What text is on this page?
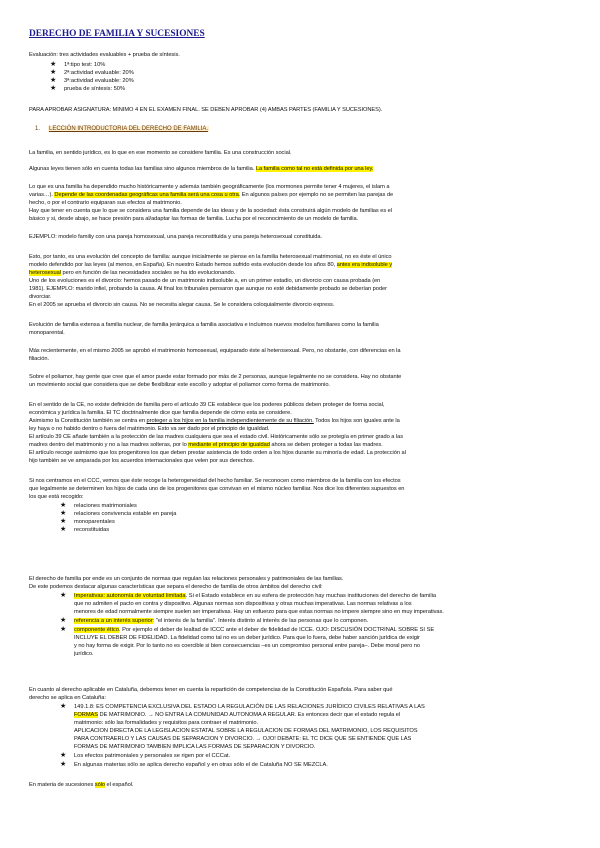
DERECHO DE FAMILIA Y SUCESIONES
Evaluación: tres actividades evaluables + prueba de síntesis.
★ 1ª:tipo test: 10%
★ 2ª:actividad evaluable: 20%
★ 3ª:actividad evaluable: 20%
★ prueba de síntesis: 50%
PARA APROBAR ASIGNATURA: MÍNIMO 4 EN EL EXAMEN FINAL. SE DEBEN APROBAR (4) AMBAS PARTES (FAMILIA Y SUCESIONES).
1. LECCIÓN INTRODUCTORIA DEL DERECHO DE FAMILIA.
La familia, en sentido jurídico, es lo que en ese momento se considere familia. Es una construcción social.
Algunas leyes tienen sólo en cuenta todas las familias sino algunos miembros de la familia. La familia como tal no está definida por una ley.
Lo que es una familia ha dependido mucho históricamente y además también geográficamente (los mormones permite tener 4 mujeres, el islam a
varias…). Depende de las coordenadas geográficas una familia será una cosa u otra. En algunos países por ejemplo no se permiten las parejas de
hecho, o por el contrario equiparan sus efectos al matrimonio.
Hay que tener en cuenta que lo que se considera una familia depende de las ideas y de la sociedad: ésta construirá algún modelo de familias es el
básico y si, desde abajo, se hace presión para al/adaptar las formas de familia. Lucha por el reconocimiento de un modelo de familia.
EJEMPLO: modelo familiy con una pareja homosexual, una pareja reconstituida y una pareja heterosexual constituida.
Esto, por tanto, es una evolución del concepto de familia: aunque inicialmente se piense en la familia heterosexual matrimonial, no es éste el único
modelo defendido por las leyes (al menos, en España). En nuestro Estado hemos sufrido esta evolución desde los años 80, antes era indisoluble y
heterosexual pero en función de las necesidades sociales se ha ido evolucionando.
Uno de los evoluciones es el divorcio: hemos pasado de un matrimonio indisoluble a, en un primer estadio, un divorcio con causa probada (en
1981). EJEMPLO: marido infiel, probando la causa. Al final los tribunales pensaron que aunque no esté debidamente probado se deberían poder
divorciar.
En el 2005 se aprueba el divorcio sin causa. No se necesita alegar causa. Se le considera coloquialmente divorcio express.
Evolución de familia extensa a familia nuclear, de familia jerárquica a familia asociativa e incluimos nuevos modelos familiares como la familia
monoparental.
Más recientemente, en el mismo 2005 se aprobó el matrimonio homosexual, equiparado éste al heterosexual. Pero, no obstante, con diferencias en la
filiación.
Sobre el poliamor, hay gente que cree que el amor puede estar formado por más de 2 personas, aunque legalmente no se considera. Hay no obstante
un movimiento social que considera que se debe flexibilizar este escollo y adoptar el poliamor como forma de matrimonio.
En el sentido de la CE, no existe definición de familia pero el artículo 39 CE establece que los poderes públicos deben proteger de forma social,
económica y jurídica la familia. El TC doctrinalmente dice que familia depende de cómo esta se considere.
Asimismo la Constitución también se centra en proteger a los hijos en la familia independientemente de su filiación. Todos los hijos son iguales ante la
ley haya o no habido dentro o fuera del matrimonio. Esto va ser dado por el principio de igualdad.
El artículo 39 CE añade también a la protección de las madres cualquiera que sea el estado civil. Históricamente sólo se protegía en primer grado a las
madres dentro del matrimonio y no a las madres solteras, por lo mediante el principio de igualdad ahora se deben proteger a todas las madres.
El artículo recoge asimismo que los progenitores los que deben prestar asistencia de todo orden a los hijos durante su minoría de edad. La protección al
hijo también se ve amparada por los acuerdos internacionales que velen por sus derechos.
Si nos centramos en el CCC, vemos que éste recoge la heterogeneidad del hecho familiar. Se reconocen como miembros de la familia con los efectos
que legalmente se determinen los hijos de cada uno de los progenitores que convivan en el mismo núcleo familiar. Nos dice los diferentes supuestos en
los que está recogido:
★ relaciones matrimoniales
★ relaciones convivencia estable en pareja
★ monoparentales
★ reconstituidas
El derecho de familia por ende es un conjunto de normas que regulan las relaciones personales y patrimoniales de las familias.
De este podemos destacar algunas características que separa el derecho de familia de otros ámbitos del derecho civil:
★ Imperativas: autonomía de voluntad limitada. Si el Estado establece en su esfera de protección hay muchas instituciones del derecho de familia
que no admiten el pacto en contra y dispositivo. Algunas normas son dispositivas y otras muchas imperativas. Las normas relativas a los
menores de edad normalmente siempre suelen ser imperativas. Hay un esfuerzo para que estas normas no impere siempre sino en muy imperativas.
★ referencia a un interés superior: "el interés de la familia". Interés distinto al interés de las personas que lo componen.
★ componente ético. Por ejemplo el deber de lealtad de ICCC ante el deber de fidelidad de ICCE. OJO: DISCUSIÓN DOCTRINAL SOBRE SI SE
INCLUYE EL DEBER DE FIDELIDAD. La fidelidad como tal no es un deber jurídico. Para que lo fuera, debe haber sanción jurídica de exigir
y no hay forma de exigir. Por lo tanto no es coercible si bien consecuencias –es un compromiso personal entre pareja–. Debe moral pero no
jurídico.
En cuanto al derecho aplicable en Cataluña, debemos tener en cuenta la repartición de competencias de la Constitución Española. Para saber qué
derecho se aplica en Cataluña:
★ 149.1.8: ES COMPETENCIA EXCLUSIVA DEL ESTADO LA REGULACIÓN DE LAS RELACIONES JURÍDICO CIVILES RELATIVAS A LAS
FORMAS DE MATRIMONIO. → NO ENTRA LA COMUNIDAD AUTÓNOMA A REGULAR. Es entonces decir que el estado regula el
matrimonio: sólo las formalidades y requisitos para contraer el matrimonio.
APLICACIÓN DIRECTA DE LA LEGISLACIÓN ESTATAL SOBRE LA REGULACIÓN DE FORMAS DEL MATRIMONIO, LOS REQUISITOS
PARA CONTRAERLO Y LAS CAUSAS DE SEPARACIÓN Y DIVORCIO. → OJO! DEBATE: EL TC DICE QUE SE ENTIENDE QUE LAS
FORMAS DE MATRIMONIO TAMBIÉN IMPLICA LAS FORMAS DE SEPARACIÓN Y DIVORCIO.
★ Los efectos patrimoniales y personales se rigen por el CCCat.
★ En algunas materias sólo se aplica derecho español y en otras sólo el de Cataluña NO SE MEZCLA.
En materia de sucesiones sólo el español.
